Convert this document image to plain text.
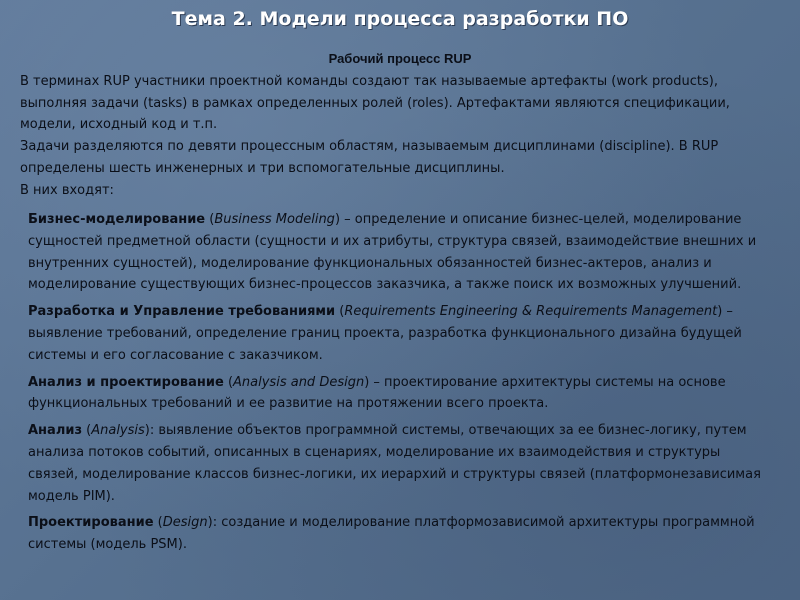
Тема 2. Модели процесса разработки ПО
Рабочий процесс RUP

В терминах RUP участники проектной команды создают так называемые артефакты (work products), выполняя задачи (tasks) в рамках определенных ролей (roles). Артефактами являются спецификации, модели, исходный код и т.п.

Задачи разделяются по девяти процессным областям, называемым дисциплинами (discipline). В RUP определены шесть инженерных и три вспомогательные дисциплины.

В них входят:

Бизнес-моделирование (Business Modeling) – определение и описание бизнес-целей, моделирование сущностей предметной области (сущности и их атрибуты, структура связей, взаимодействие внешних и внутренних сущностей), моделирование функциональных обязанностей бизнес-актеров, анализ и моделирование существующих бизнес-процессов заказчика, а также поиск их возможных улучшений.

Разработка и Управление требованиями (Requirements Engineering & Requirements Management) – выявление требований, определение границ проекта, разработка функционального дизайна будущей системы и его согласование с заказчиком.

Анализ и проектирование (Analysis and Design) – проектирование архитектуры системы на основе функциональных требований и ее развитие на протяжении всего проекта.

Анализ (Analysis): выявление объектов программной системы, отвечающих за ее бизнес-логику, путем анализа потоков событий, описанных в сценариях, моделирование их взаимодействия и структуры связей, моделирование классов бизнес-логики, их иерархий и структуры связей (платформонезависимая модель PIM).

Проектирование (Design): создание и моделирование платформозависимой архитектуры программной системы (модель PSM).
